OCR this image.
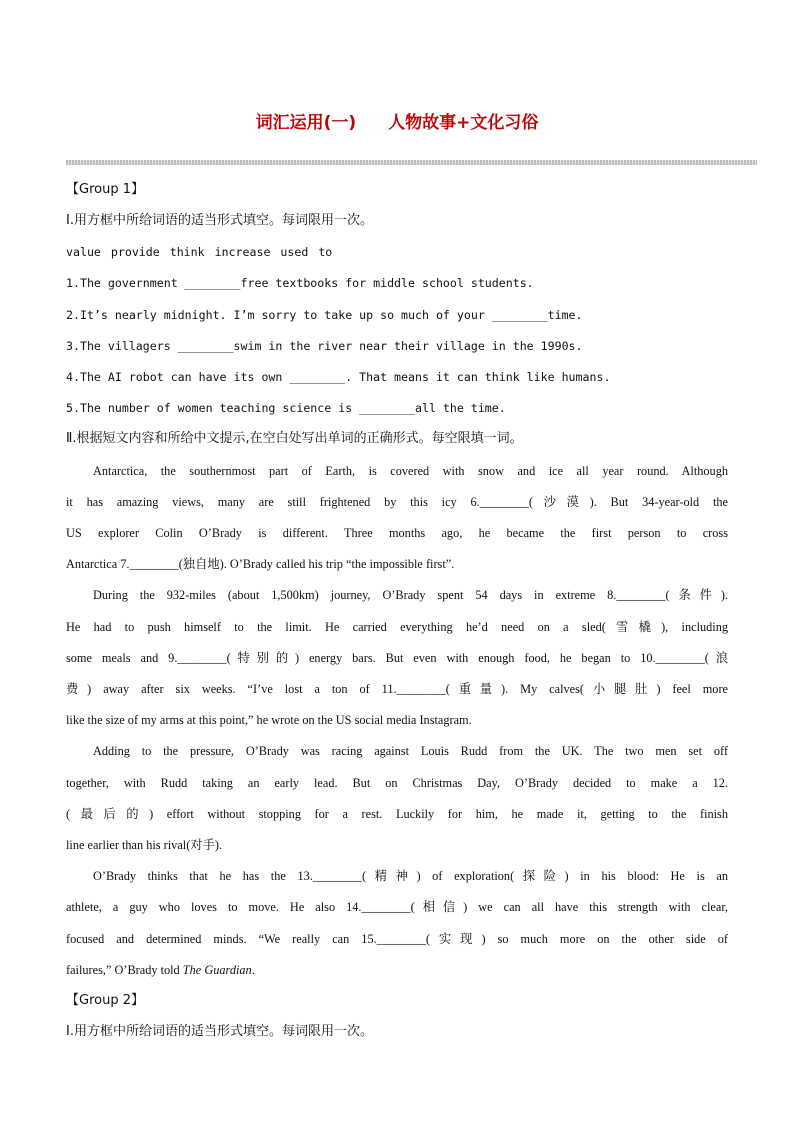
词汇运用(一) 人物故事+文化习俗
【Group 1】
Ⅰ.用方框中所给词语的适当形式填空。每词限用一次。
value provide think increase used to
1.The government ________free textbooks for middle school students.
2.It’s nearly midnight. I’m sorry to take up so much of your ________time.
3.The villagers ________swim in the river near their village in the 1990s.
4.The AI robot can have its own ________. That means it can think like humans.
5.The number of women teaching science is ________all the time.
Ⅱ.根据短文内容和所给中文提示,在空白处写出单词的正确形式。每空限填一词。
Antarctica, the southernmost part of Earth, is covered with snow and ice all year round. Although
it has amazing views, many are still frightened by this icy 6.________(沙漠). But 34-year-old the
US explorer Colin O’Brady is different. Three months ago, he became the first person to cross
Antarctica 7.________(独自地). O’Brady called his trip “the impossible first”.
During the 932-miles (about 1,500km) journey, O’Brady spent 54 days in extreme 8.________(条件).
He had to push himself to the limit. He carried everything he’d need on a sled(雪橇), including
some meals and 9.________(特别的) energy bars. But even with enough food, he began to 10.________(浪
费) away after six weeks. “I’ve lost a ton of 11.________(重量). My calves(小腿肚) feel more
like the size of my arms at this point,” he wrote on the US social media Instagram.
Adding to the pressure, O’Brady was racing against Louis Rudd from the UK. The two men set off
together, with Rudd taking an early lead. But on Christmas Day, O’Brady decided to make a 12.
(最后的) effort without stopping for a rest. Luckily for him, he made it, getting to the finish
line earlier than his rival(对手).
O’Brady thinks that he has the 13.________(精神) of exploration(探险) in his blood: He is an
athlete, a guy who loves to move. He also 14.________(相信) we can all have this strength with clear,
focused and determined minds. “We really can 15.________(实现) so much more on the other side of
failures,” O’Brady told The Guardian.
【Group 2】
Ⅰ.用方框中所给词语的适当形式填空。每词限用一次。
